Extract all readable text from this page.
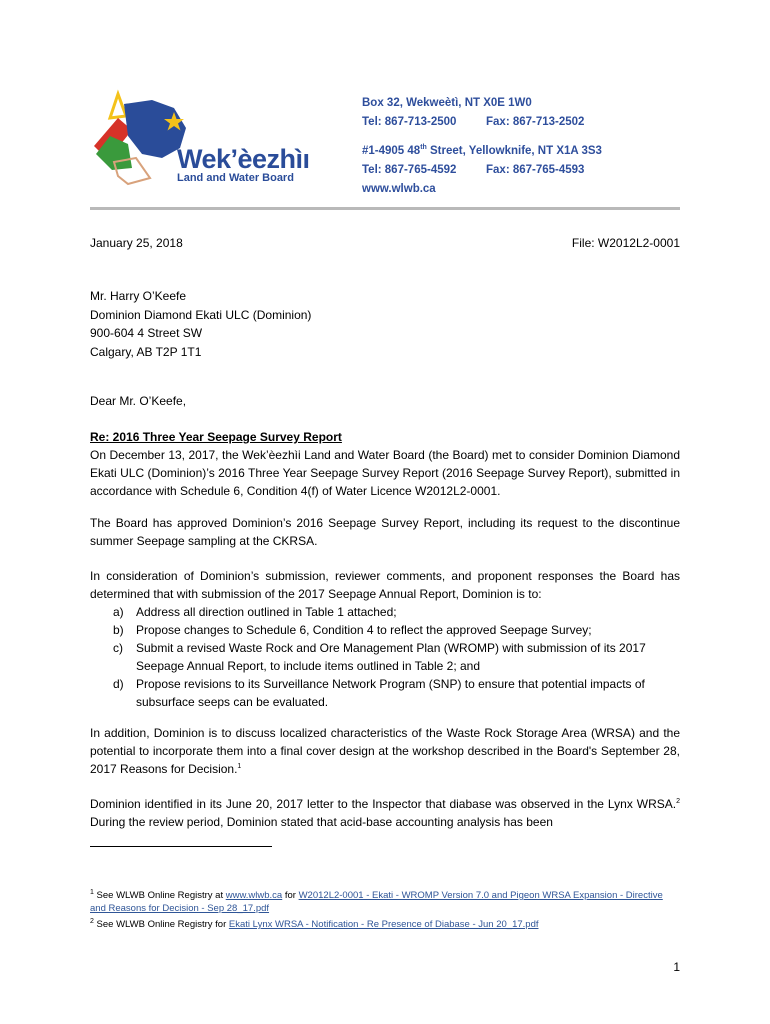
Wek’èezhìı
Land and Water Board
Box 32, Wekweètì, NT X0E 1W0
Tel: 867-713-2500	Fax: 867-713-2502
#1-4905 48th Street, Yellowknife, NT X1A 3S3
Tel: 867-765-4592	Fax: 867-765-4593
www.wlwb.ca
January 25, 2018	File: W2012L2-0001
Mr. Harry O’Keefe
Dominion Diamond Ekati ULC (Dominion)
900-604 4 Street SW
Calgary, AB T2P 1T1
Dear Mr. O’Keefe,
Re: 2016 Three Year Seepage Survey Report
On December 13, 2017, the Wek’èezhìi Land and Water Board (the Board) met to consider Dominion Diamond Ekati ULC (Dominion)’s 2016 Three Year Seepage Survey Report (2016 Seepage Survey Report), submitted in accordance with Schedule 6, Condition 4(f) of Water Licence W2012L2-0001.
The Board has approved Dominion’s 2016 Seepage Survey Report, including its request to the discontinue summer Seepage sampling at the CKRSA.
In consideration of Dominion’s submission, reviewer comments, and proponent responses the Board has determined that with submission of the 2017 Seepage Annual Report, Dominion is to:
a) Address all direction outlined in Table 1 attached;
b) Propose changes to Schedule 6, Condition 4 to reflect the approved Seepage Survey;
c) Submit a revised Waste Rock and Ore Management Plan (WROMP) with submission of its 2017 Seepage Annual Report, to include items outlined in Table 2; and
d) Propose revisions to its Surveillance Network Program (SNP) to ensure that potential impacts of subsurface seeps can be evaluated.
In addition, Dominion is to discuss localized characteristics of the Waste Rock Storage Area (WRSA) and the potential to incorporate them into a final cover design at the workshop described in the Board's September 28, 2017 Reasons for Decision.$^1$
Dominion identified in its June 20, 2017 letter to the Inspector that diabase was observed in the Lynx WRSA.$^2$ During the review period, Dominion stated that acid-base accounting analysis has been
$^1$ See WLWB Online Registry at www.wlwb.ca for W2012L2-0001 - Ekati - WROMP Version 7.0 and Pigeon WRSA Expansion - Directive and Reasons for Decision - Sep 28_17.pdf
$^2$ See WLWB Online Registry for Ekati Lynx WRSA - Notification - Re Presence of Diabase - Jun 20_17.pdf
1
